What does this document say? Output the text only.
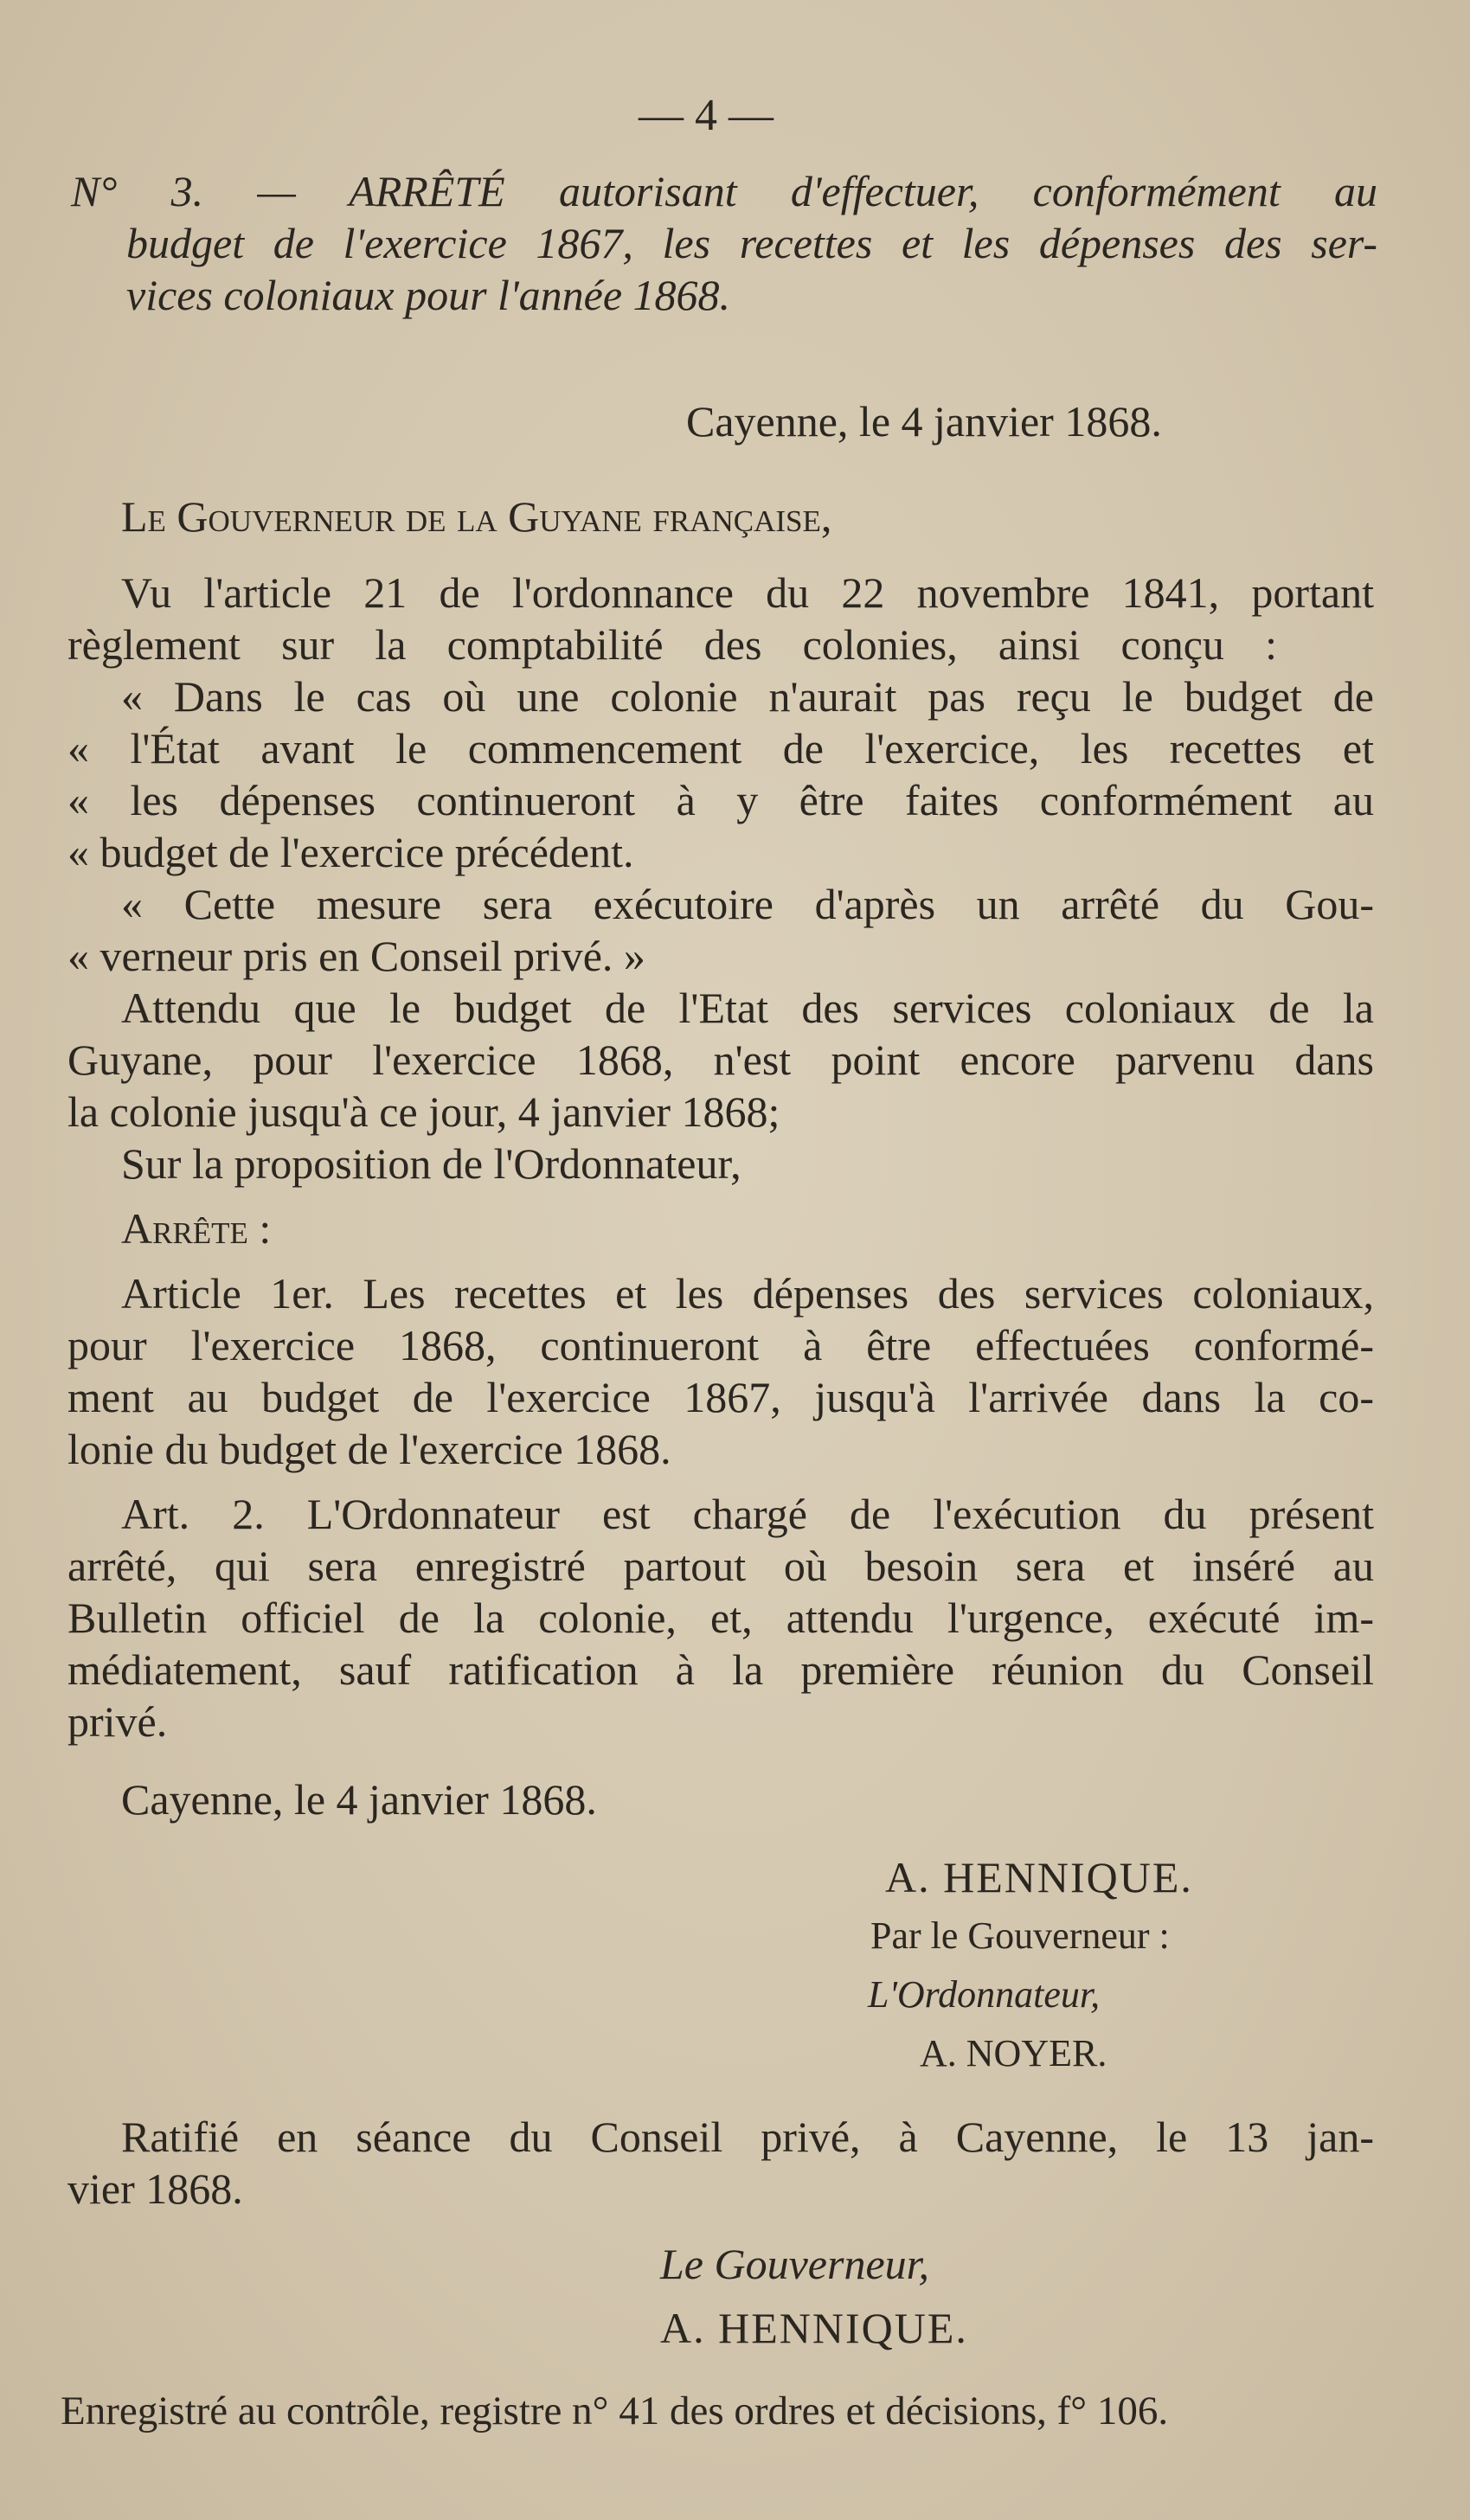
— 4 —
N° 3. — ARRÊTÉ autorisant d'effectuer, conformément au
budget de l'exercice 1867, les recettes et les dépenses des ser-
vices coloniaux pour l'année 1868.
Cayenne, le 4 janvier 1868.
Le Gouverneur de la Guyane française,
Vu l'article 21 de l'ordonnance du 22 novembre 1841, portant
règlement sur la comptabilité des colonies, ainsi conçu :
« Dans le cas où une colonie n'aurait pas reçu le budget de
« l'État avant le commencement de l'exercice, les recettes et
« les dépenses continueront à y être faites conformément au
« budget de l'exercice précédent.
« Cette mesure sera exécutoire d'après un arrêté du Gou-
« verneur pris en Conseil privé. »
Attendu que le budget de l'Etat des services coloniaux de la
Guyane, pour l'exercice 1868, n'est point encore parvenu dans
la colonie jusqu'à ce jour, 4 janvier 1868;
Sur la proposition de l'Ordonnateur,
Arrête :
Article 1er. Les recettes et les dépenses des services coloniaux,
pour l'exercice 1868, continueront à être effectuées conformé-
ment au budget de l'exercice 1867, jusqu'à l'arrivée dans la co-
lonie du budget de l'exercice 1868.
Art. 2. L'Ordonnateur est chargé de l'exécution du présent
arrêté, qui sera enregistré partout où besoin sera et inséré au
Bulletin officiel de la colonie, et, attendu l'urgence, exécuté im-
médiatement, sauf ratification à la première réunion du Conseil
privé.
Cayenne, le 4 janvier 1868.
A. HENNIQUE.
Par le Gouverneur :
L'Ordonnateur,
A. NOYER.
Ratifié en séance du Conseil privé, à Cayenne, le 13 jan-
vier 1868.
Le Gouverneur,
A. HENNIQUE.
Enregistré au contrôle, registre n° 41 des ordres et décisions, f° 106.
